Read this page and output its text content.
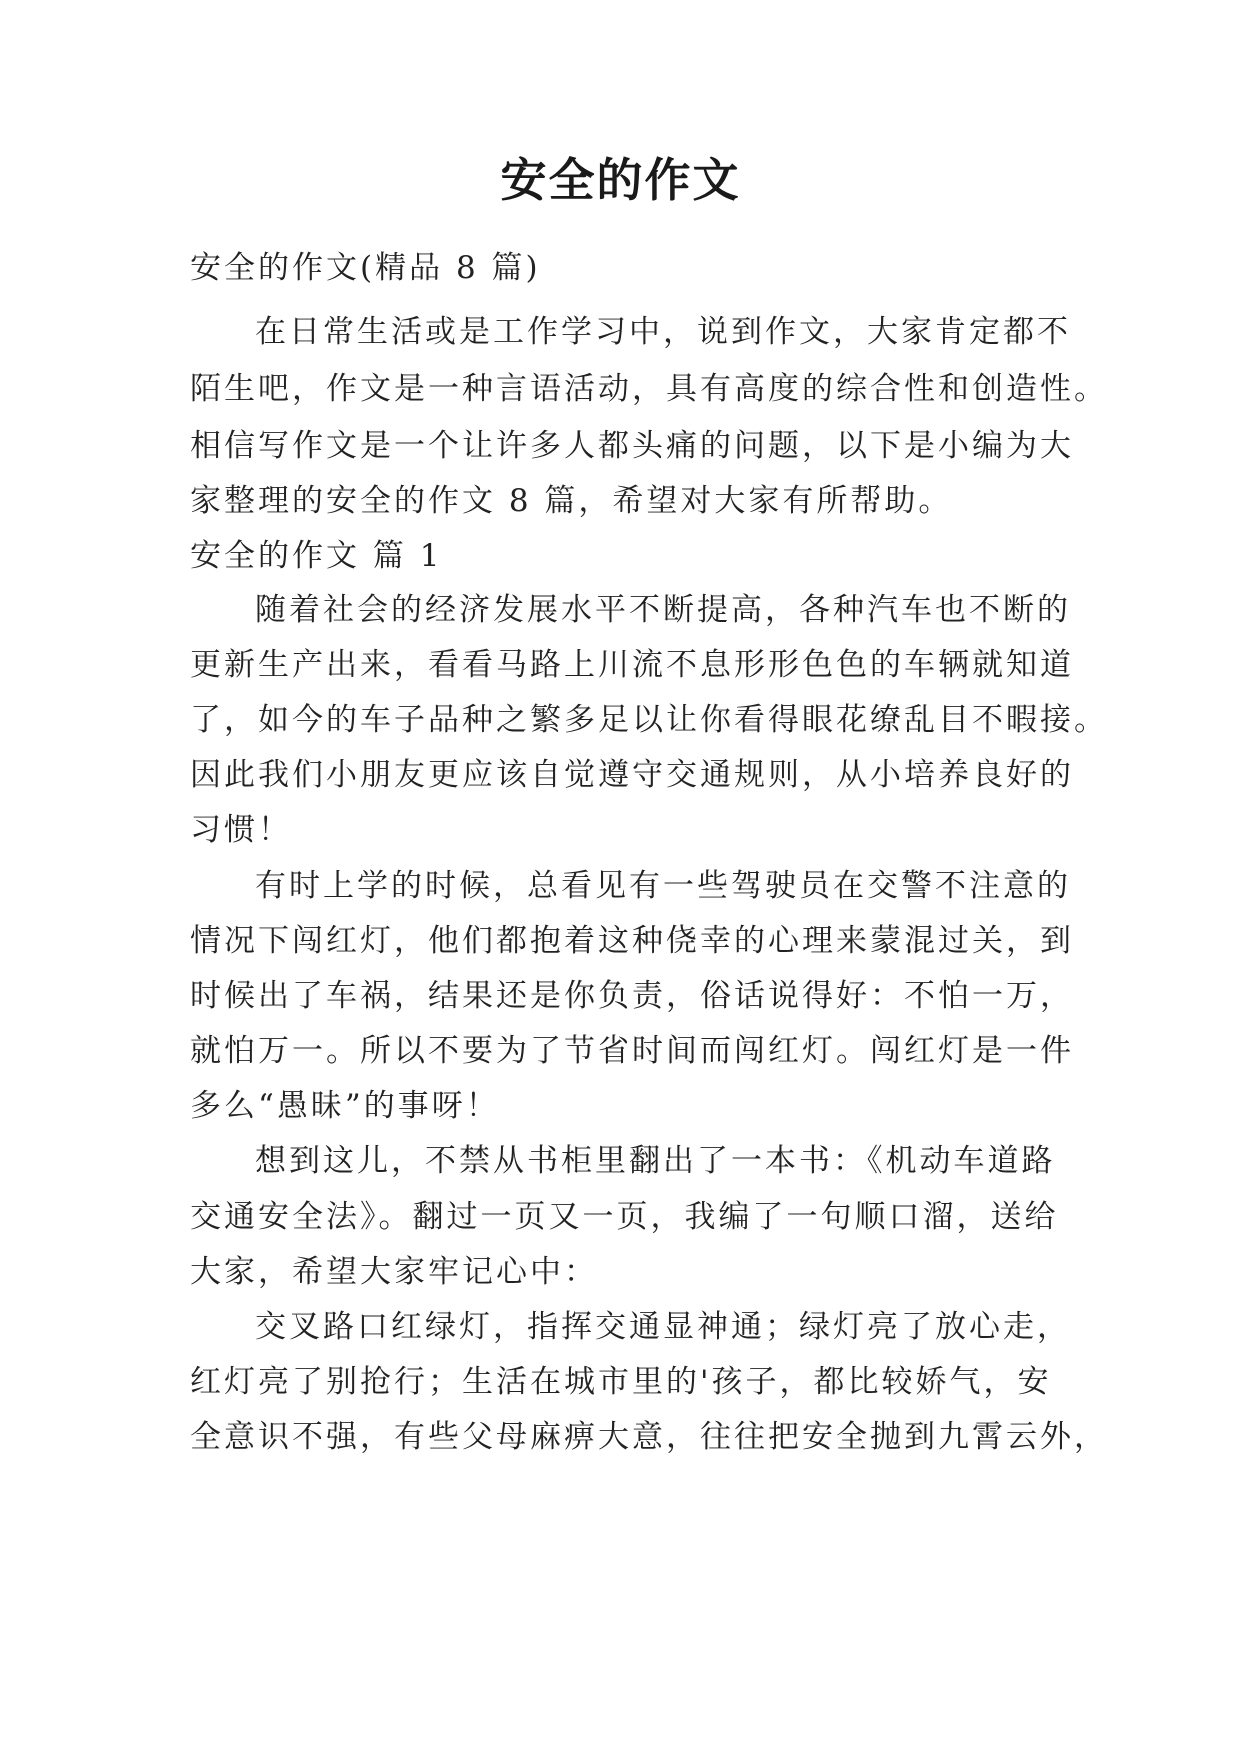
安全的作文

安全的作文(精品 8 篇)

在日常生活或是工作学习中，说到作文，大家肯定都不

陌生吧，作文是一种言语活动，具有高度的综合性和创造性。

相信写作文是一个让许多人都头痛的问题，以下是小编为大

家整理的安全的作文 8 篇，希望对大家有所帮助。

安全的作文 篇 1

随着社会的经济发展水平不断提高，各种汽车也不断的

更新生产出来，看看马路上川流不息形形色色的车辆就知道

了，如今的车子品种之繁多足以让你看得眼花缭乱目不暇接。

因此我们小朋友更应该自觉遵守交通规则，从小培养良好的

习惯！

有时上学的时候，总看见有一些驾驶员在交警不注意的

情况下闯红灯，他们都抱着这种侥幸的心理来蒙混过关，到

时候出了车祸，结果还是你负责，俗话说得好：不怕一万，

就怕万一。所以不要为了节省时间而闯红灯。闯红灯是一件

多么“愚昧”的事呀！

想到这儿，不禁从书柜里翻出了一本书：《机动车道路

交通安全法》。翻过一页又一页，我编了一句顺口溜，送给

大家，希望大家牢记心中：

交叉路口红绿灯，指挥交通显神通；绿灯亮了放心走，

红灯亮了别抢行；生活在城市里的'孩子，都比较娇气，安

全意识不强，有些父母麻痹大意，往往把安全抛到九霄云外，
